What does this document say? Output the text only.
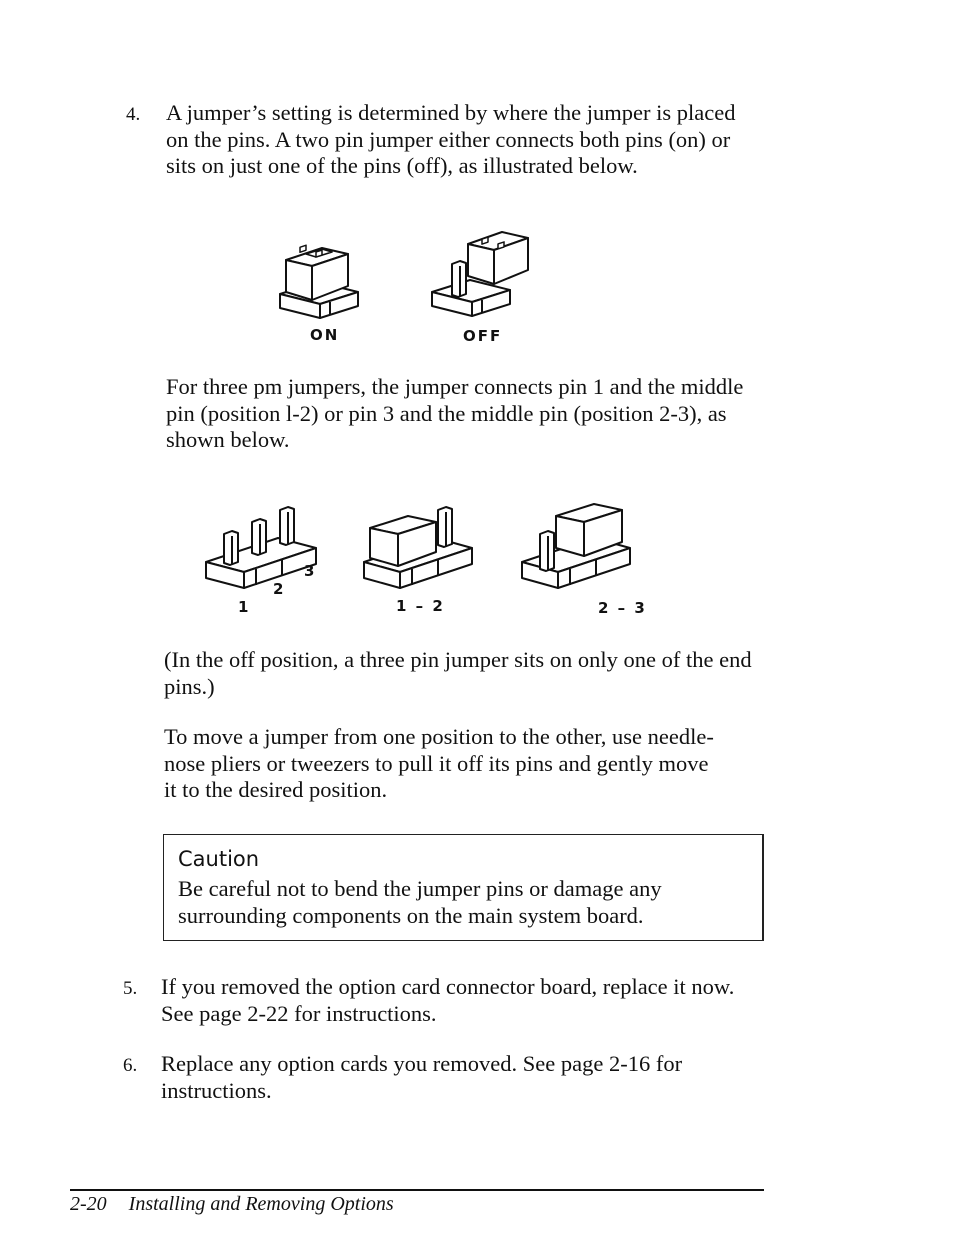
4. A jumper’s setting is determined by where the jumper is placed on the pins. A two pin jumper either connects both pins (on) or sits on just one of the pins (off), as illustrated below.
ON	OFF
For three pm jumpers, the jumper connects pin 1 and the middle pin (position l-2) or pin 3 and the middle pin (position 2-3), as shown below.
1
2
3
1 – 2	2 – 3
(In the off position, a three pin jumper sits on only one of the end pins.)
To move a jumper from one position to the other, use needle-nose pliers or tweezers to pull it off its pins and gently move it to the desired position.
Caution
Be careful not to bend the jumper pins or damage any surrounding components on the main system board.
5. If you removed the option card connector board, replace it now. See page 2-22 for instructions.
6. Replace any option cards you removed. See page 2-16 for instructions.
2-20 Installing and Removing Options
